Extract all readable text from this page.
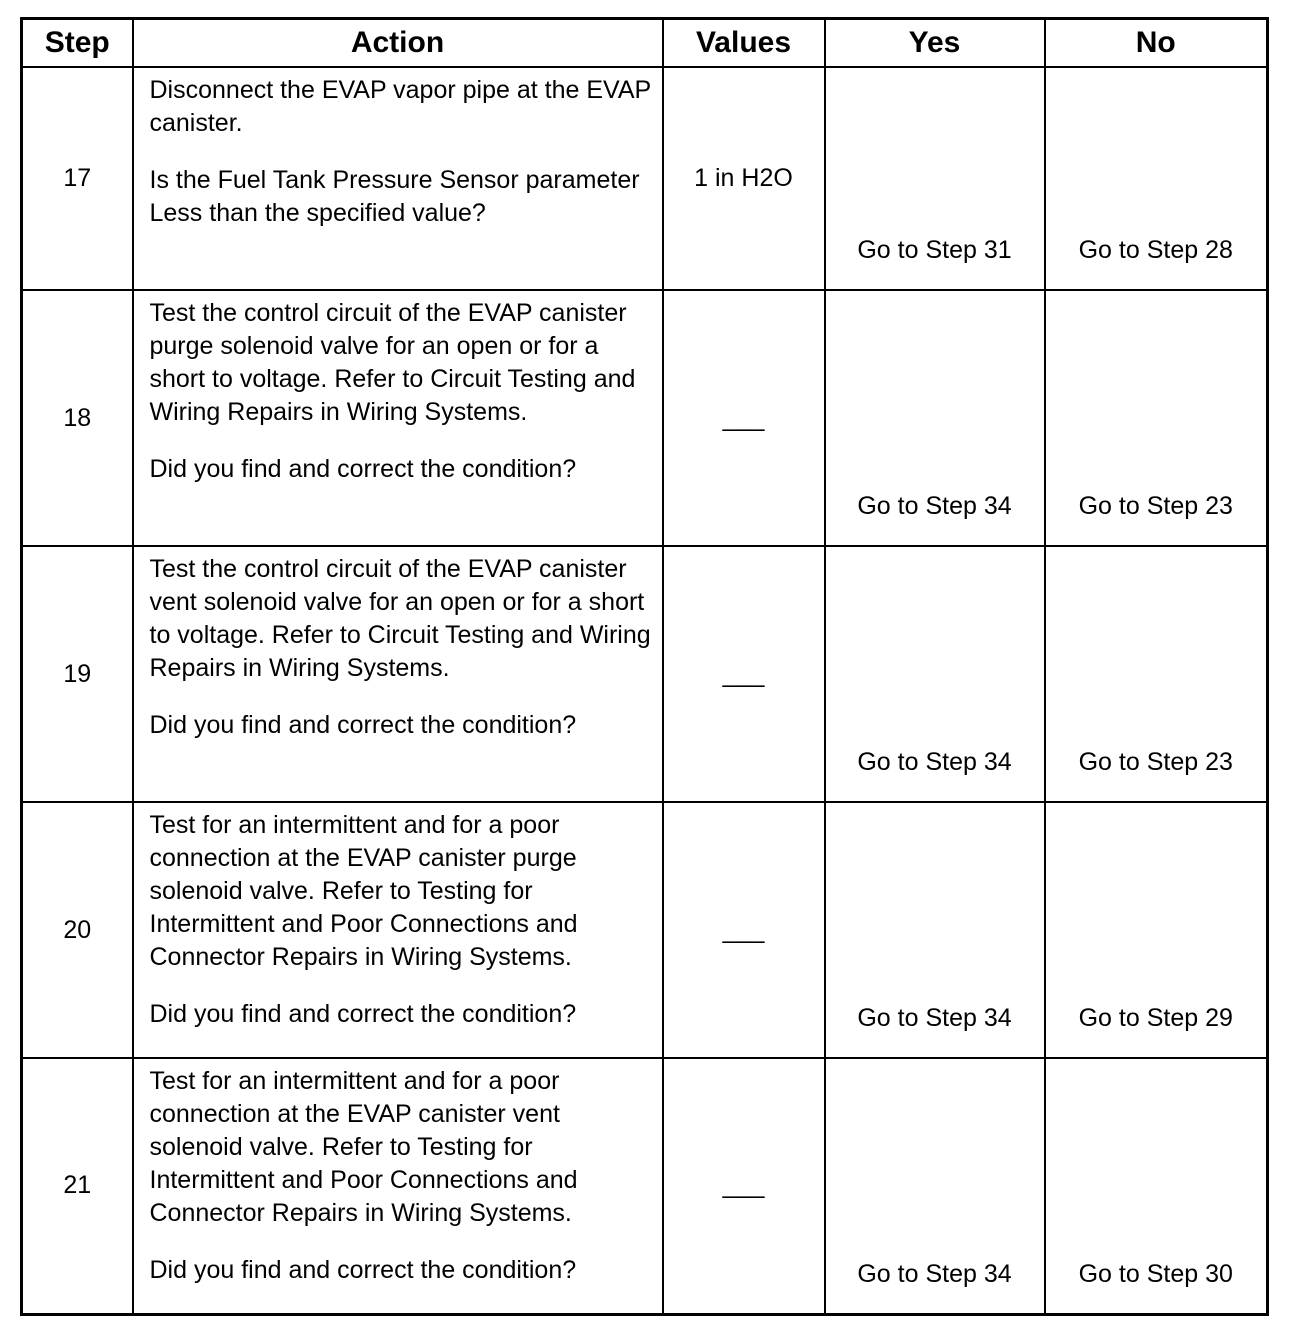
Step	Action	Values	Yes	No
17	Disconnect the EVAP vapor pipe at the EVAP canister.

Is the Fuel Tank Pressure Sensor parameter Less than the specified value?	1 in H2O	Go to Step 31	Go to Step 28
18	Test the control circuit of the EVAP canister purge solenoid valve for an open or for a short to voltage. Refer to Circuit Testing and Wiring Repairs in Wiring Systems.

Did you find and correct the condition?	___	Go to Step 34	Go to Step 23
19	Test the control circuit of the EVAP canister vent solenoid valve for an open or for a short to voltage. Refer to Circuit Testing and Wiring Repairs in Wiring Systems.

Did you find and correct the condition?	___	Go to Step 34	Go to Step 23
20	Test for an intermittent and for a poor connection at the EVAP canister purge solenoid valve. Refer to Testing for Intermittent and Poor Connections and Connector Repairs in Wiring Systems.

Did you find and correct the condition?	___	Go to Step 34	Go to Step 29
21	Test for an intermittent and for a poor connection at the EVAP canister vent solenoid valve. Refer to Testing for Intermittent and Poor Connections and Connector Repairs in Wiring Systems.

Did you find and correct the condition?	___	Go to Step 34	Go to Step 30
